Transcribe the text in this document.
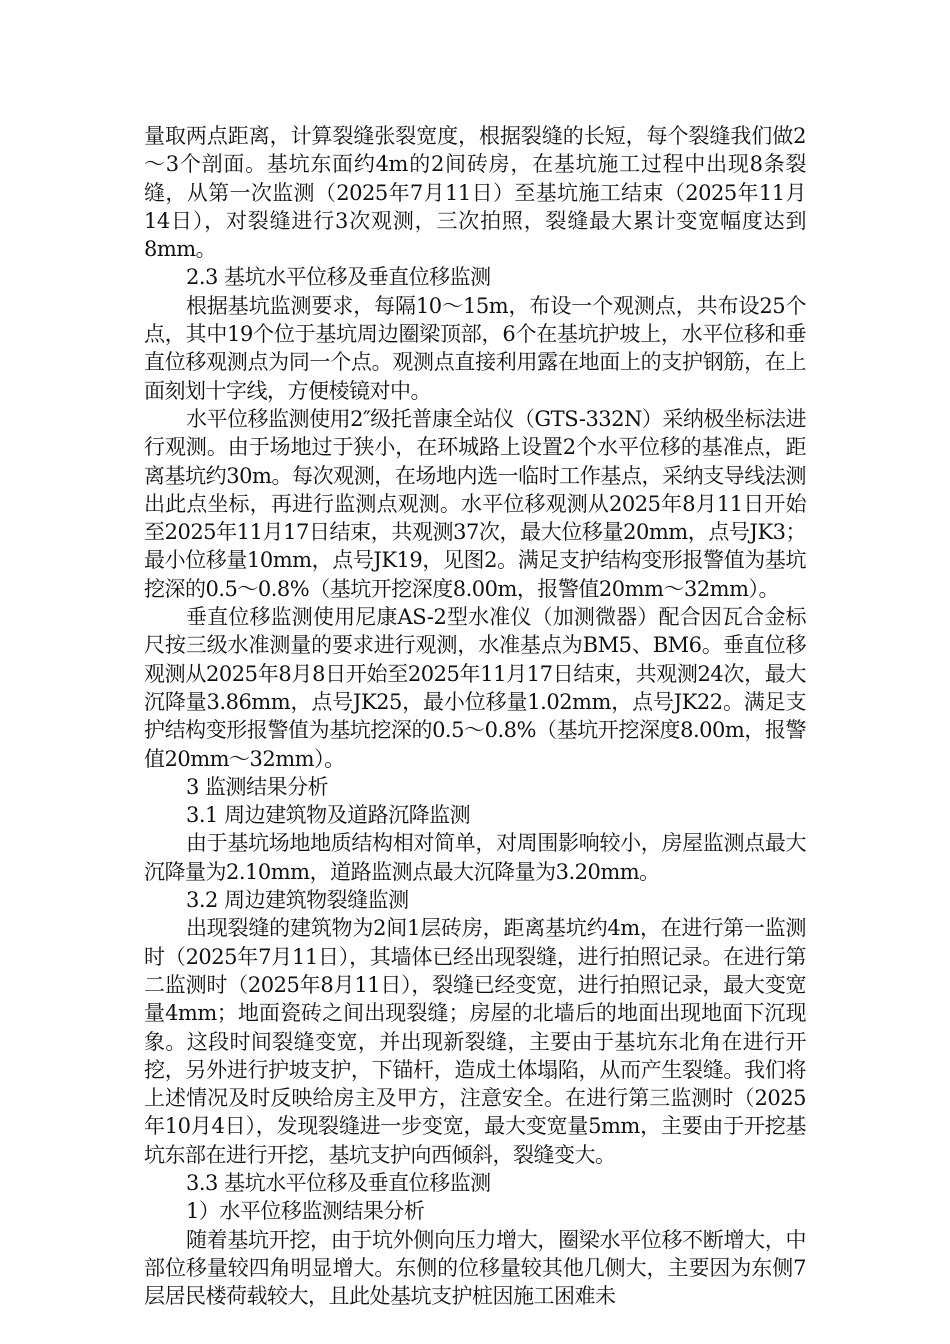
量取两点距离，计算裂缝张裂宽度，根据裂缝的长短，每个裂缝我们做2～3个剖面。基坑东面约4m的2间砖房，在基坑施工过程中出现8条裂缝，从第一次监测（2025年7月11日）至基坑施工结束（2025年11月14日），对裂缝进行3次观测，三次拍照，裂缝最大累计变宽幅度达到8mm。

2.3 基坑水平位移及垂直位移监测

根据基坑监测要求，每隔10～15m，布设一个观测点，共布设25个点，其中19个位于基坑周边圈梁顶部，6个在基坑护坡上，水平位移和垂直位移观测点为同一个点。观测点直接利用露在地面上的支护钢筋，在上面刻划十字线，方便棱镜对中。

水平位移监测使用2″级托普康全站仪（GTS-332N）采纳极坐标法进行观测。由于场地过于狭小，在环城路上设置2个水平位移的基准点，距离基坑约30m。每次观测，在场地内选一临时工作基点，采纳支导线法测出此点坐标，再进行监测点观测。水平位移观测从2025年8月11日开始至2025年11月17日结束，共观测37次，最大位移量20mm，点号JK3；最小位移量10mm，点号JK19，见图2。满足支护结构变形报警值为基坑挖深的0.5～0.8%（基坑开挖深度8.00m，报警值20mm～32mm）。

垂直位移监测使用尼康AS-2型水准仪（加测微器）配合因瓦合金标尺按三级水准测量的要求进行观测，水准基点为BM5、BM6。垂直位移观测从2025年8月8日开始至2025年11月17日结束，共观测24次，最大沉降量3.86mm，点号JK25，最小位移量1.02mm，点号JK22。满足支护结构变形报警值为基坑挖深的0.5～0.8%（基坑开挖深度8.00m，报警值20mm～32mm）。

3 监测结果分析

3.1 周边建筑物及道路沉降监测

由于基坑场地地质结构相对简单，对周围影响较小，房屋监测点最大沉降量为2.10mm，道路监测点最大沉降量为3.20mm。

3.2 周边建筑物裂缝监测

出现裂缝的建筑物为2间1层砖房，距离基坑约4m，在进行第一监测时（2025年7月11日），其墙体已经出现裂缝，进行拍照记录。在进行第二监测时（2025年8月11日），裂缝已经变宽，进行拍照记录，最大变宽量4mm；地面瓷砖之间出现裂缝；房屋的北墙后的地面出现地面下沉现象。这段时间裂缝变宽，并出现新裂缝，主要由于基坑东北角在进行开挖，另外进行护坡支护，下锚杆，造成土体塌陷，从而产生裂缝。我们将上述情况及时反映给房主及甲方，注意安全。在进行第三监测时（2025年10月4日），发现裂缝进一步变宽，最大变宽量5mm，主要由于开挖基坑东部在进行开挖，基坑支护向西倾斜，裂缝变大。

3.3 基坑水平位移及垂直位移监测

1）水平位移监测结果分析

随着基坑开挖，由于坑外侧向压力增大，圈梁水平位移不断增大，中部位移量较四角明显增大。东侧的位移量较其他几侧大，主要因为东侧7层居民楼荷载较大，且此处基坑支护桩因施工困难未
